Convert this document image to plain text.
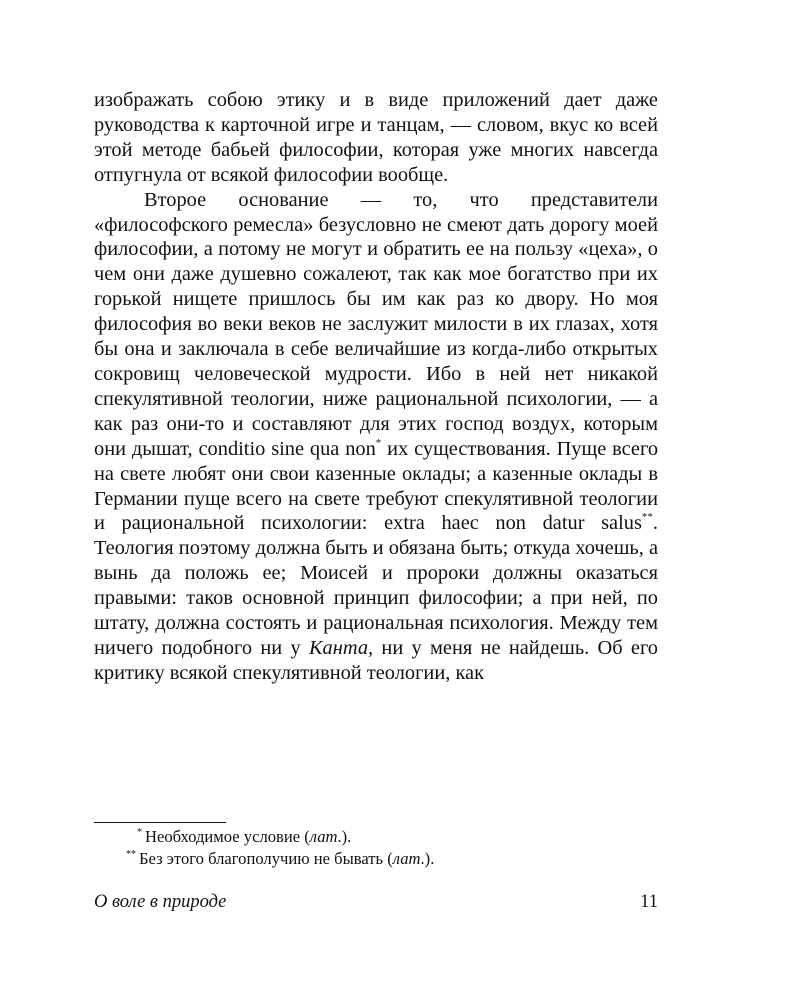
изображать собою этику и в виде приложений дает даже руководства к карточной игре и танцам, — словом, вкус ко всей этой методе бабьей философии, которая уже многих навсегда отпугнула от всякой философии вообще.

Второе основание — то, что представители «философского ремесла» безусловно не смеют дать дорогу моей философии, а потому не могут и обратить ее на пользу «цеха», о чем они даже душевно сожалеют, так как мое богатство при их горькой нищете пришлось бы им как раз ко двору. Но моя философия во веки веков не заслужит милости в их глазах, хотя бы она и заключала в себе величайшие из когда-либо открытых сокровищ человеческой мудрости. Ибо в ней нет никакой спекулятивной теологии, ниже рациональной психологии, — а как раз они-то и составляют для этих господ воздух, которым они дышат, conditio sine qua non* их существования. Пуще всего на свете любят они свои казенные оклады; а казенные оклады в Германии пуще всего на свете требуют спекулятивной теологии и рациональной психологии: extra haec non datur salus**. Теология поэтому должна быть и обязана быть; откуда хочешь, а вынь да положь ее; Моисей и пророки должны оказаться правыми: таков основной принцип философии; а при ней, по штату, должна состоять и рациональная психология. Между тем ничего подобного ни у Канта, ни у меня не найдешь. Об его критику всякой спекулятивной теологии, как

* Необходимое условие (лат.).
** Без этого благополучию не бывать (лат.).
О воле в природе	11
